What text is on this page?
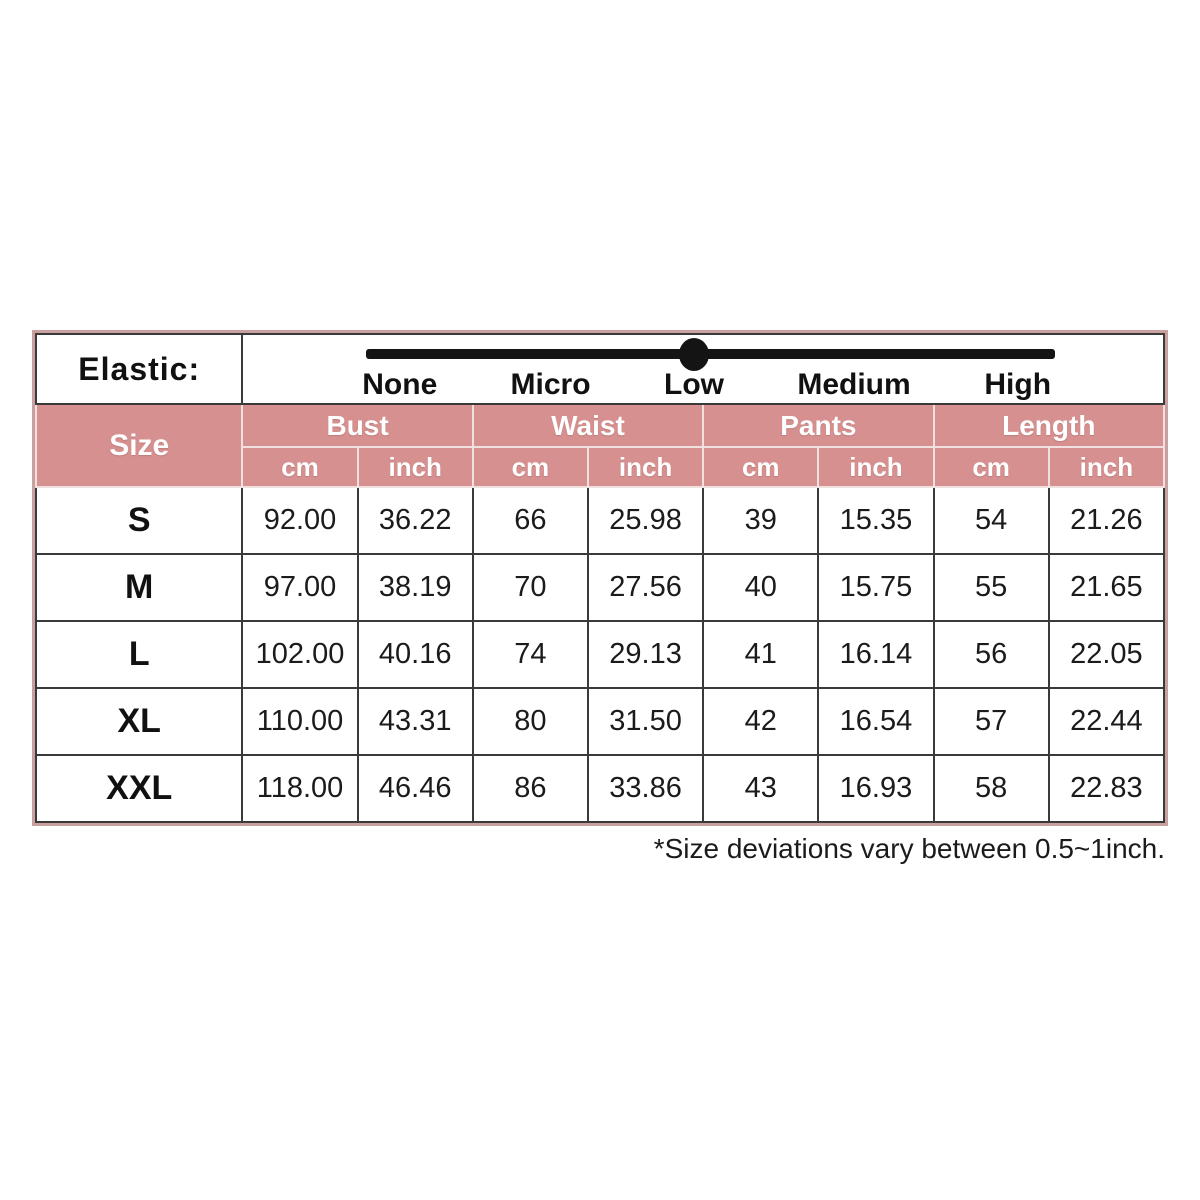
Elastic:	None Micro Low Medium High							

Size	Bust		Waist		Pants		Length	
	cm	inch	cm	inch	cm	inch	cm	inch
S	92.00	36.22	66	25.98	39	15.35	54	21.26
M	97.00	38.19	70	27.56	40	15.75	55	21.65
L	102.00	40.16	74	29.13	41	16.14	56	22.05
XL	110.00	43.31	80	31.50	42	16.54	57	22.44
XXL	118.00	46.46	86	33.86	43	16.93	58	22.83
*Size deviations vary between 0.5~1inch.
